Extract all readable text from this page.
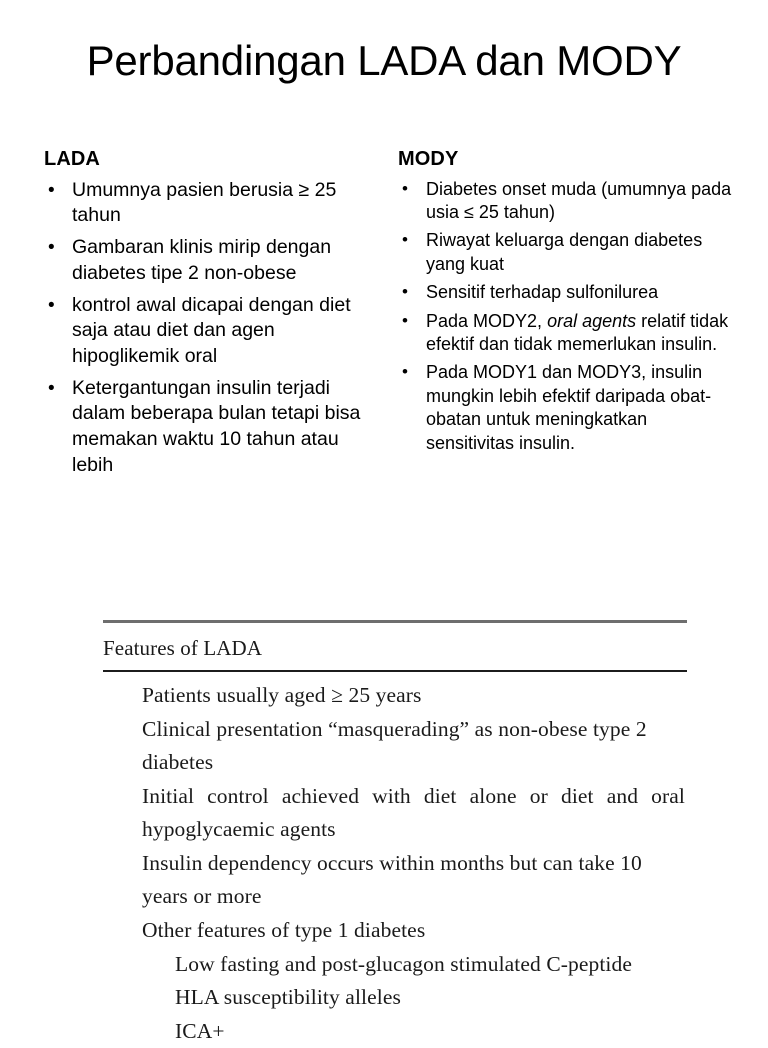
Perbandingan LADA dan MODY
LADA
• Umumnya pasien berusia ≥ 25 tahun
• Gambaran klinis mirip dengan diabetes tipe 2 non-obese
• kontrol awal dicapai dengan diet saja atau diet dan agen hipoglikemik oral
• Ketergantungan insulin terjadi dalam beberapa bulan tetapi bisa memakan waktu 10 tahun atau lebih
MODY
• Diabetes onset muda (umumnya pada usia ≤ 25 tahun)
• Riwayat keluarga dengan diabetes yang kuat
• Sensitif terhadap sulfonilurea
• Pada MODY2, oral agents relatif tidak efektif dan tidak memerlukan insulin.
• Pada MODY1 dan MODY3, insulin mungkin lebih efektif daripada obat-obatan untuk meningkatkan sensitivitas insulin.
Features of LADA
Patients usually aged ≥ 25 years
Clinical presentation “masquerading” as non-obese type 2 diabetes
Initial control achieved with diet alone or diet and oral
hypoglycaemic agents
Insulin dependency occurs within months but can take 10
years or more
Other features of type 1 diabetes
Low fasting and post-glucagon stimulated C-peptide
HLA susceptibility alleles
ICA+
